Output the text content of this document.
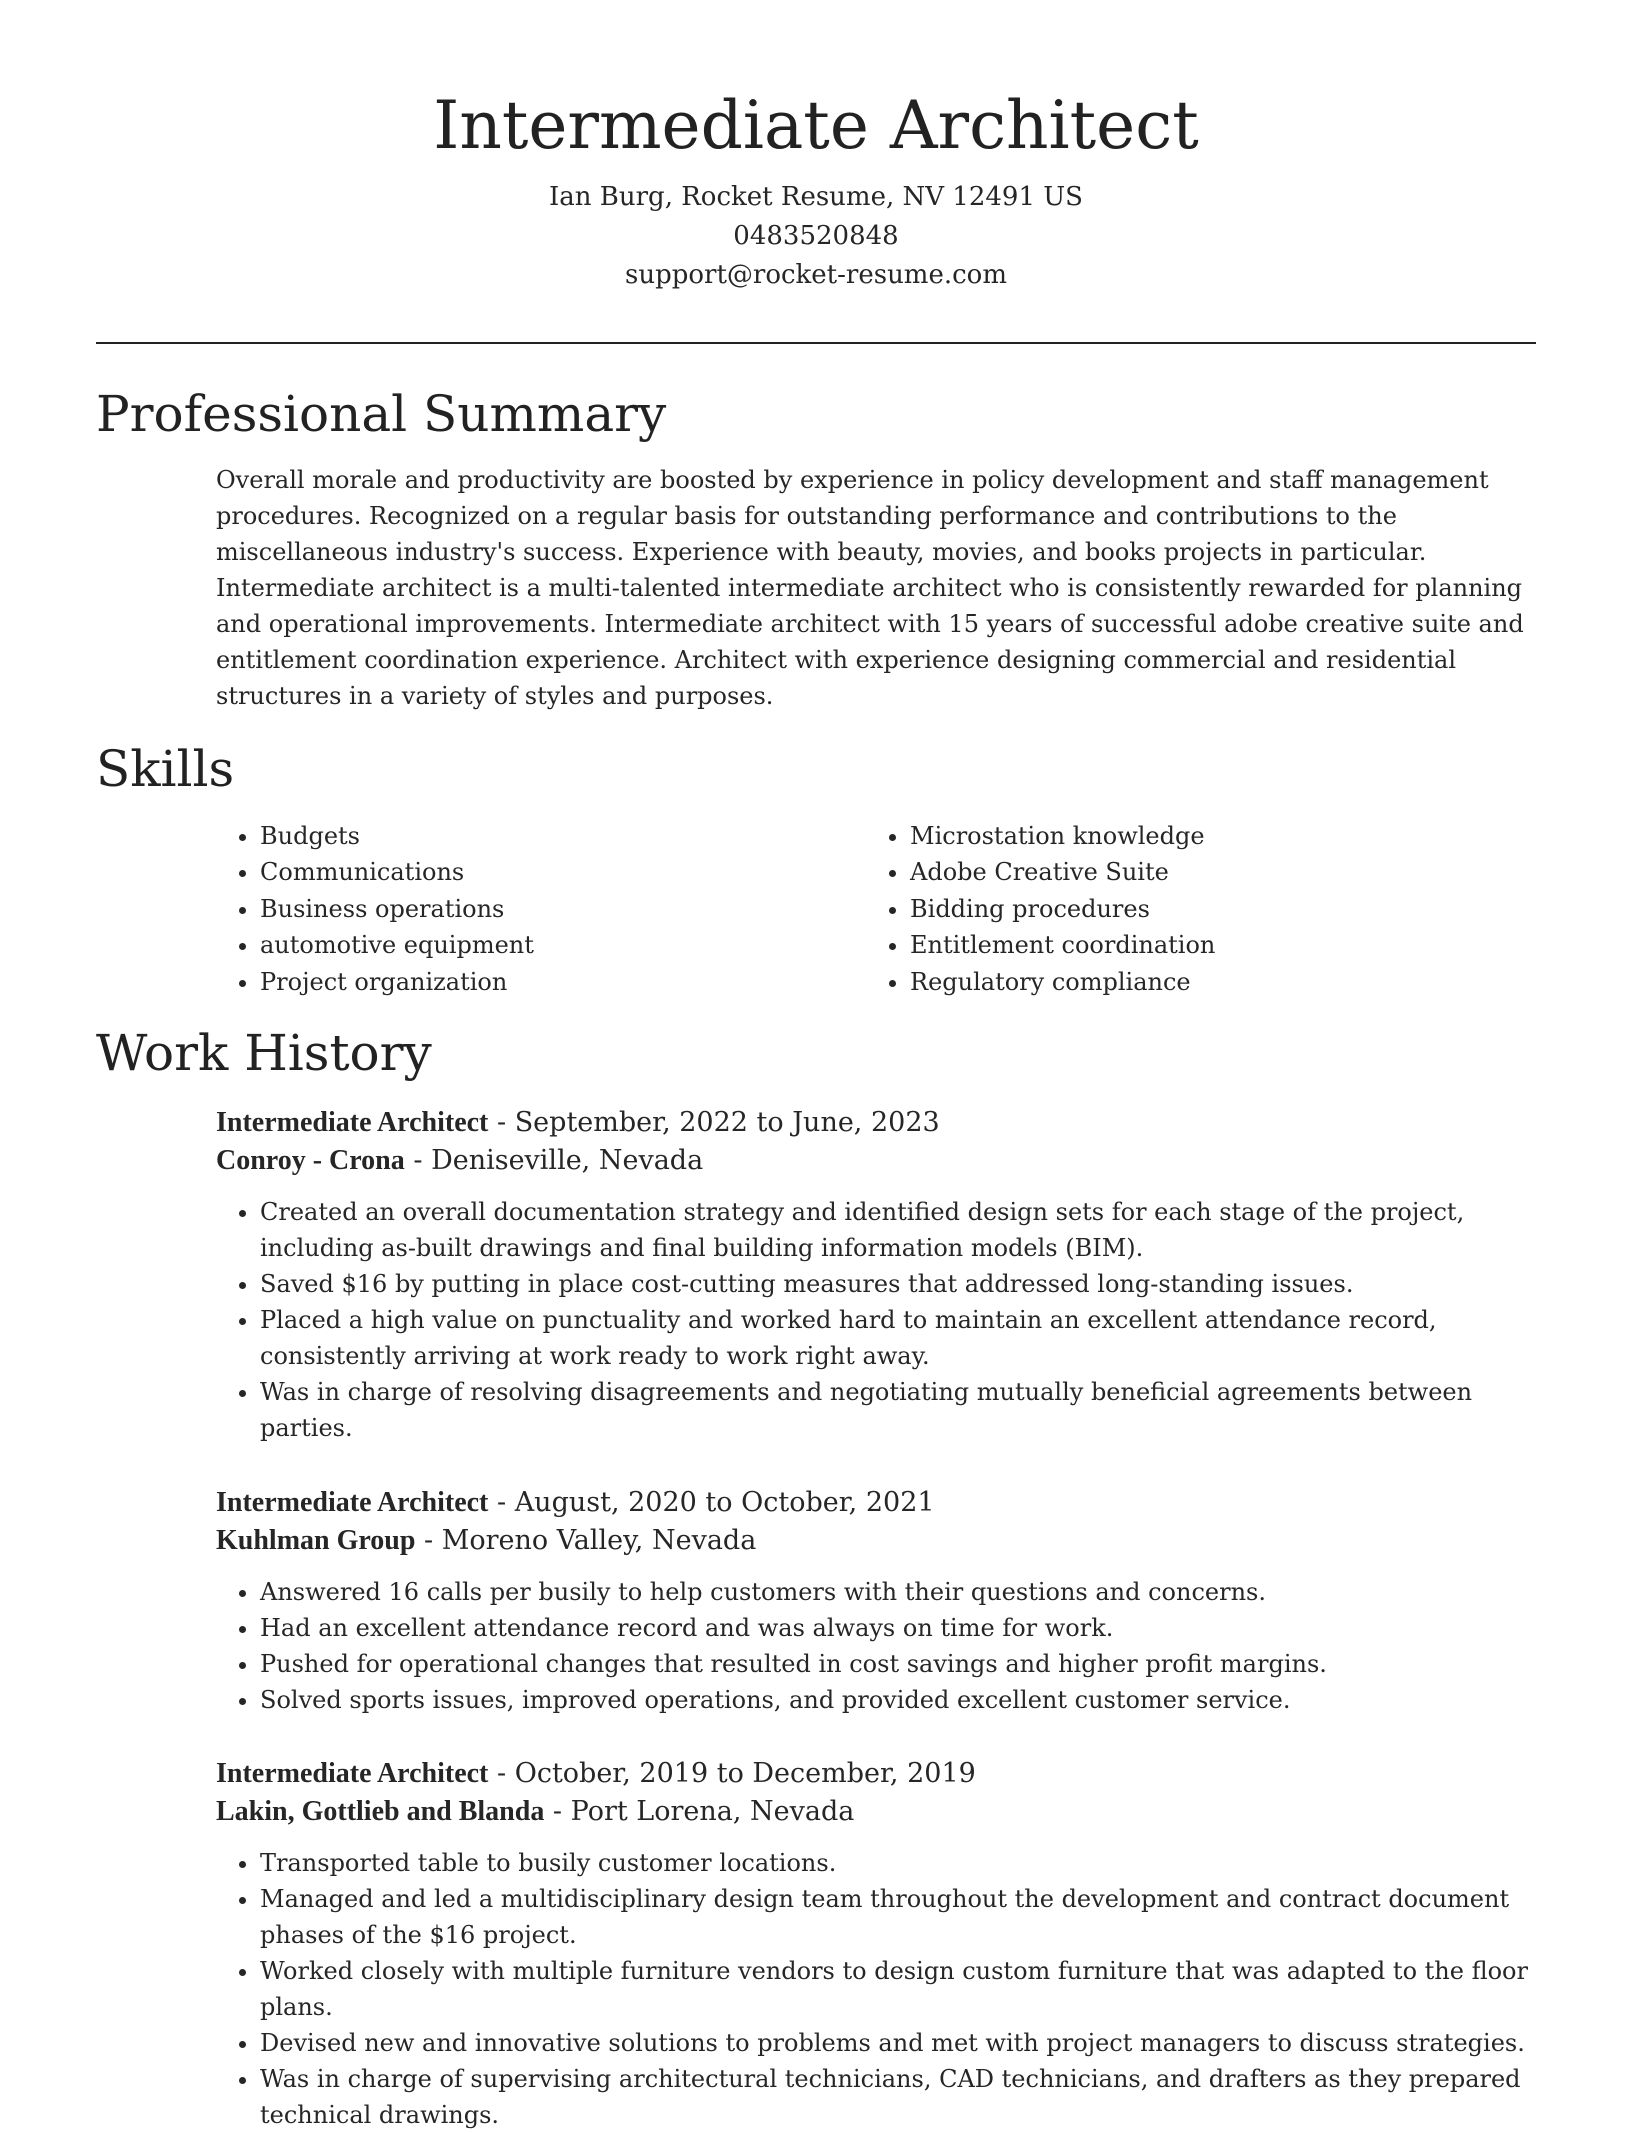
Intermediate Architect
Ian Burg, Rocket Resume, NV 12491 US
0483520848
support@rocket-resume.com
Professional Summary

Overall morale and productivity are boosted by experience in policy development and staff management procedures. Recognized on a regular basis for outstanding performance and contributions to the miscellaneous industry's success. Experience with beauty, movies, and books projects in particular. Intermediate architect is a multi-talented intermediate architect who is consistently rewarded for planning and operational improvements. Intermediate architect with 15 years of successful adobe creative suite and entitlement coordination experience. Architect with experience designing commercial and residential structures in a variety of styles and purposes.

Skills
• Budgets
• Communications
• Business operations
• automotive equipment
• Project organization
• Microstation knowledge
• Adobe Creative Suite
• Bidding procedures
• Entitlement coordination
• Regulatory compliance
Work History
Intermediate Architect - September, 2022 to June, 2023
Conroy - Crona - Deniseville, Nevada
• Created an overall documentation strategy and identified design sets for each stage of the project, including as-built drawings and final building information models (BIM).
• Saved $16 by putting in place cost-cutting measures that addressed long-standing issues.
• Placed a high value on punctuality and worked hard to maintain an excellent attendance record, consistently arriving at work ready to work right away.
• Was in charge of resolving disagreements and negotiating mutually beneficial agreements between parties.
Intermediate Architect - August, 2020 to October, 2021
Kuhlman Group - Moreno Valley, Nevada
• Answered 16 calls per busily to help customers with their questions and concerns.
• Had an excellent attendance record and was always on time for work.
• Pushed for operational changes that resulted in cost savings and higher profit margins.
• Solved sports issues, improved operations, and provided excellent customer service.
Intermediate Architect - October, 2019 to December, 2019
Lakin, Gottlieb and Blanda - Port Lorena, Nevada
• Transported table to busily customer locations.
• Managed and led a multidisciplinary design team throughout the development and contract document phases of the $16 project.
• Worked closely with multiple furniture vendors to design custom furniture that was adapted to the floor plans.
• Devised new and innovative solutions to problems and met with project managers to discuss strategies.
• Was in charge of supervising architectural technicians, CAD technicians, and drafters as they prepared technical drawings.
